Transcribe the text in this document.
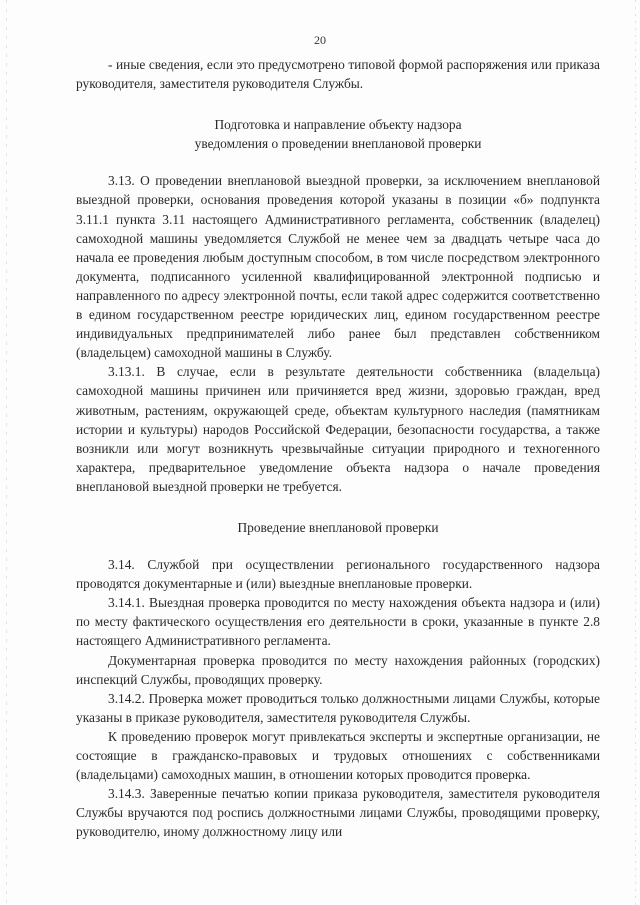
20

- иные сведения, если это предусмотрено типовой формой распоряжения или приказа руководителя, заместителя руководителя Службы.

Подготовка и направление объекту надзора
уведомления о проведении внеплановой проверки

3.13. О проведении внеплановой выездной проверки, за исключением внеплановой выездной проверки, основания проведения которой указаны в позиции «б» подпункта 3.11.1 пункта 3.11 настоящего Административного регламента, собственник (владелец) самоходной машины уведомляется Службой не менее чем за двадцать четыре часа до начала ее проведения любым доступным способом, в том числе посредством электронного документа, подписанного усиленной квалифицированной электронной подписью и направленного по адресу электронной почты, если такой адрес содержится соответственно в едином государственном реестре юридических лиц, едином государственном реестре индивидуальных предпринимателей либо ранее был представлен собственником (владельцем) самоходной машины в Службу.

3.13.1. В случае, если в результате деятельности собственника (владельца) самоходной машины причинен или причиняется вред жизни, здоровью граждан, вред животным, растениям, окружающей среде, объектам культурного наследия (памятникам истории и культуры) народов Российской Федерации, безопасности государства, а также возникли или могут возникнуть чрезвычайные ситуации природного и техногенного характера, предварительное уведомление объекта надзора о начале проведения внеплановой выездной проверки не требуется.

Проведение внеплановой проверки

3.14. Службой при осуществлении регионального государственного надзора проводятся документарные и (или) выездные внеплановые проверки.

3.14.1. Выездная проверка проводится по месту нахождения объекта надзора и (или) по месту фактического осуществления его деятельности в сроки, указанные в пункте 2.8 настоящего Административного регламента.

Документарная проверка проводится по месту нахождения районных (городских) инспекций Службы, проводящих проверку.

3.14.2. Проверка может проводиться только должностными лицами Службы, которые указаны в приказе руководителя, заместителя руководителя Службы.

К проведению проверок могут привлекаться эксперты и экспертные организации, не состоящие в гражданско-правовых и трудовых отношениях с собственниками (владельцами) самоходных машин, в отношении которых проводится проверка.

3.14.3. Заверенные печатью копии приказа руководителя, заместителя руководителя Службы вручаются под роспись должностными лицами Службы, проводящими проверку, руководителю, иному должностному лицу или
